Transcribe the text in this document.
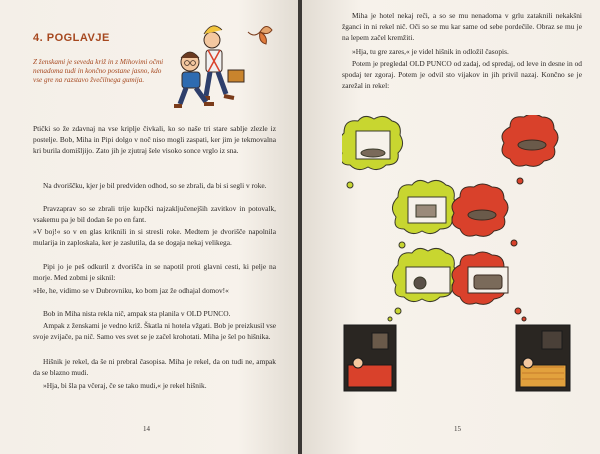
4. POGLAVJE

Z ženskami je seveda križ in z Mihovimi očmi nenadoma tudi in končno postane jasno, kdo vse gre na razstavo žvečilnega gumija.

Ptički so že zdavnaj na vse kriplje čivkali, ko so naše tri stare sablje zlezle iz postelje. Bob, Miha in Pipi dolgo v noč niso mogli zaspati, ker jim je tekmovalna kri burila domišljijo. Zato jih je zjutraj šele visoko sonce vrglo iz sna.

Na dvoriščku, kjer je bil predviden odhod, so se zbrali, da bi si segli v roke.

Pravzaprav so se zbrali trije kupčki najzaključenejših zavitkov in potovalk, vsakemu pa je bil dodan še po en fant.

»V boj!« so v en glas kriknili in si stresli roke. Medtem je dvorišče napolnila mularija in zaploskala, ker je zaslutila, da se dogaja nekaj velikega.

Pipi jo je peš odkuril z dvorišča in se napotil proti glavni cesti, ki pelje na morje. Med zobmi je siknil:

»He, he, vidimo se v Dubrovniku, ko bom jaz že odhajal domov!«

Bob in Miha nista rekla nič, ampak sta planila v OLD PUNCO.

Ampak z ženskami je vedno križ. Škatla ni hotela vžgati. Bob je preizkusil vse svoje zvijače, pa nič. Samo ves svet se je začel krohotati. Miha je šel po hišnika.

Hišnik je rekel, da še ni prebral časopisa. Miha je rekel, da on tudi ne, ampak da se blazno mudi.

»Hja, bi šla pa včeraj, če se tako mudi,« je rekel hišnik.

14

Miha je hotel nekaj reči, a so se mu nenadoma v grlu zataknili nekakšni žganci in ni rekel nič. Oči so se mu kar same od sebe pordečile. Obraz se mu je na lepem začel kremžiti.

»Hja, tu gre zares,« je videl hišnik in odložil časopis.

Potem je pregledal OLD PUNCO od zadaj, od spredaj, od leve in desne in od spodaj ter zgoraj. Potem je odvil sto vijakov in jih privil nazaj. Končno se je zarežal in rekel:

15
